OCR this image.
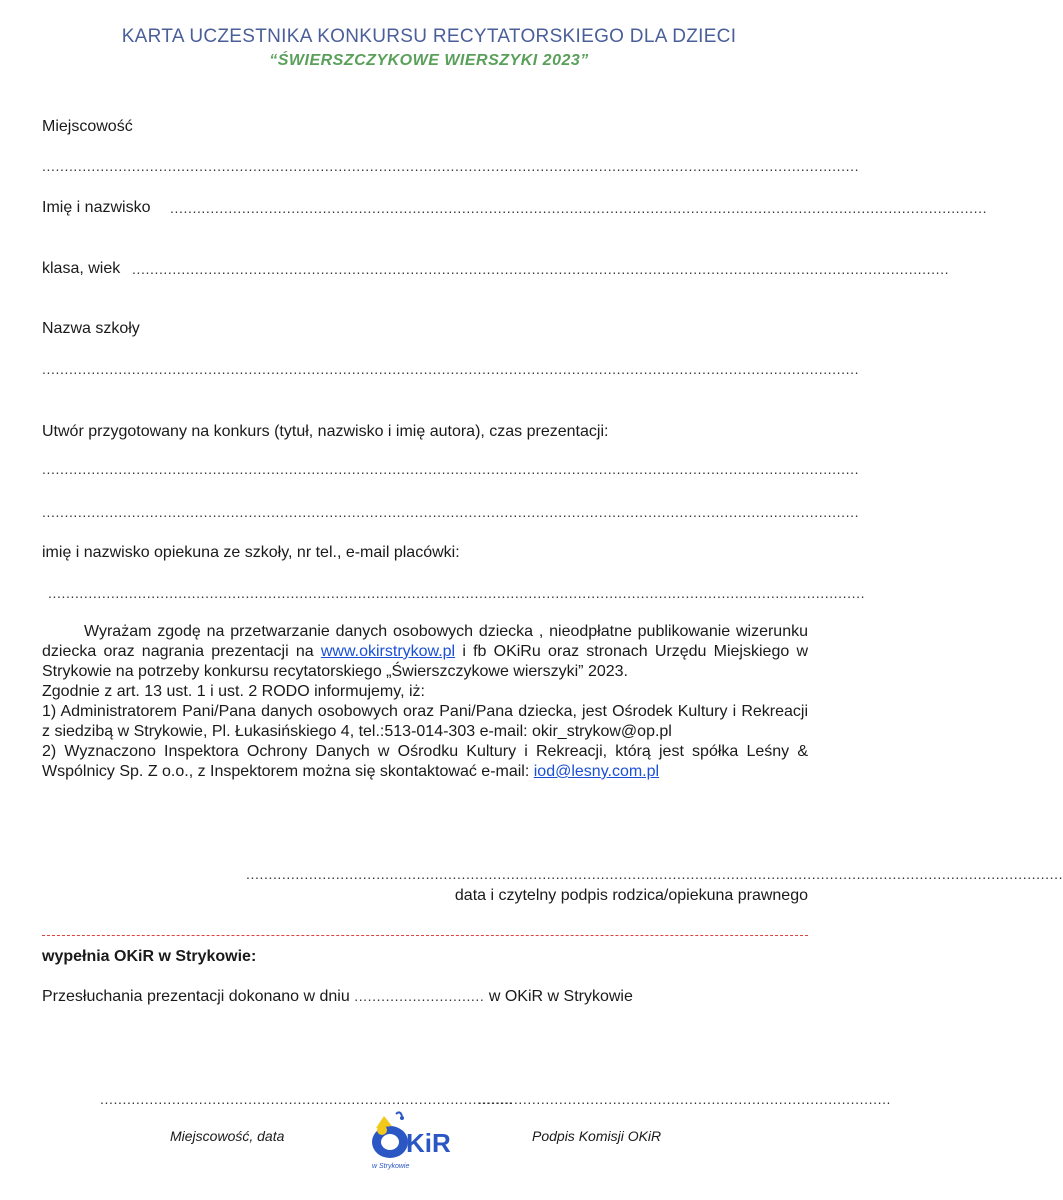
KARTA UCZESTNIKA KONKURSU RECYTATORSKIEGO DLA DZIECI
“ŚWIERSZCZYKOWE WIERSZYKI 2023”
Miejscowość
......................................................................................................................................................................................
Imię i nazwisko ......................................................................................................................................................................................
klasa, wiek ......................................................................................................................................................................................
Nazwa szkoły
......................................................................................................................................................................................
Utwór przygotowany na konkurs (tytuł, nazwisko i imię autora), czas prezentacji:
......................................................................................................................................................................................
......................................................................................................................................................................................
imię i nazwisko opiekuna ze szkoły, nr tel., e-mail placówki:
......................................................................................................................................................................................

Wyrażam zgodę na przetwarzanie danych osobowych dziecka , nieodpłatne publikowanie wizerunku dziecka oraz nagrania prezentacji na www.okirstrykow.pl i fb OKiRu oraz stronach Urzędu Miejskiego w Strykowie na potrzeby konkursu recytatorskiego „Świerszczykowe wierszyki” 2023.

Zgodnie z art. 13 ust. 1 i ust. 2 RODO informujemy, iż:

1) Administratorem Pani/Pana danych osobowych oraz Pani/Pana dziecka, jest Ośrodek Kultury i Rekreacji z siedzibą w Strykowie, Pl. Łukasińskiego 4, tel.:513-014-303 e-mail: okir_strykow@op.pl

2) Wyznaczono Inspektora Ochrony Danych w Ośrodku Kultury i Rekreacji, którą jest spółka Leśny & Wspólnicy Sp. Z o.o., z Inspektorem można się skontaktować e-mail: iod@lesny.com.pl

......................................................................................................................................................................................
data i czytelny podpis rodzica/opiekuna prawnego
wypełnia OKiR w Strykowie:
Przesłuchania prezentacji dokonano w dniu ............................. w OKiR w Strykowie
............................................................................................
............................................................................................
Miejscowość, data	Podpis Komisji OKiR
KiR
w Strykowie
